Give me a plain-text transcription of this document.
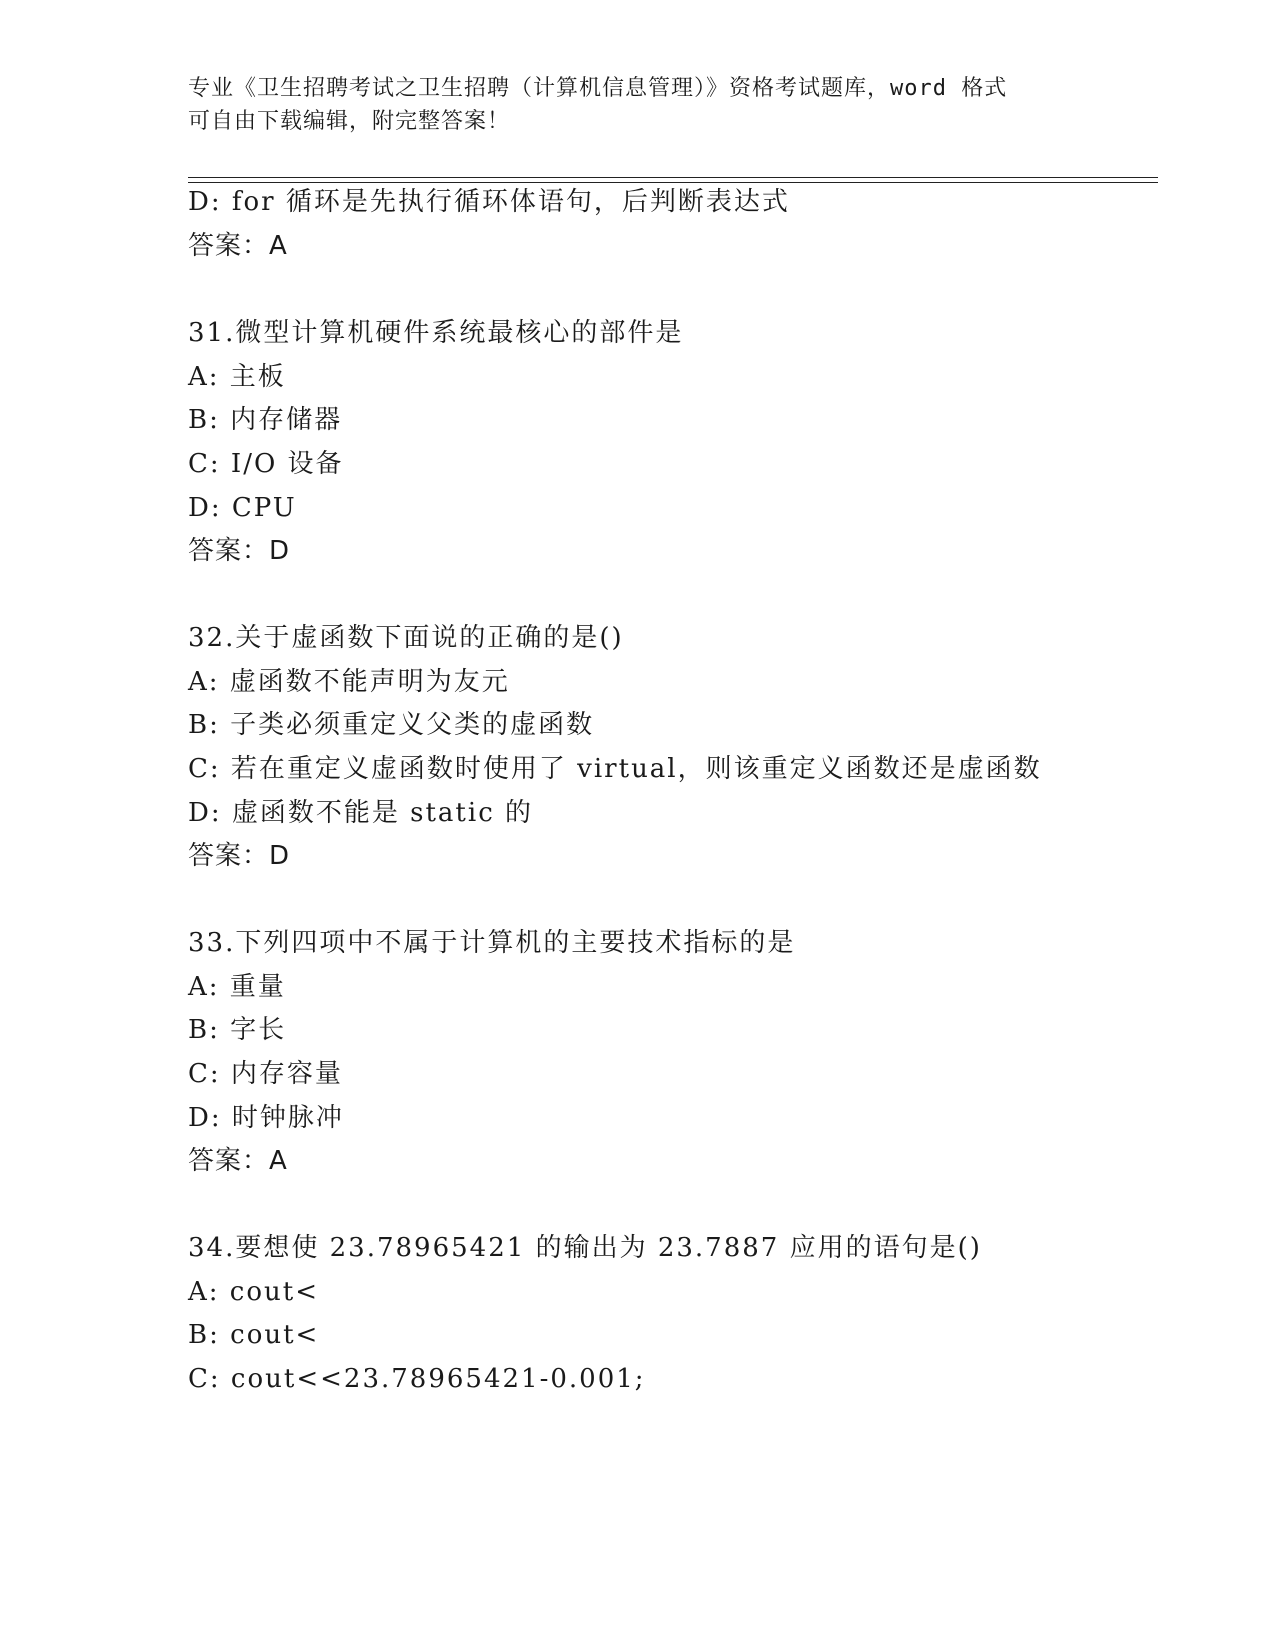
专业《卫生招聘考试之卫生招聘（计算机信息管理）》资格考试题库，word 格式
可自由下载编辑，附完整答案！
D: for 循环是先执行循环体语句，后判断表达式
答案：A
31.微型计算机硬件系统最核心的部件是
A: 主板
B: 内存储器
C: I/O 设备
D: CPU
答案：D
32.关于虚函数下面说的正确的是()
A: 虚函数不能声明为友元
B: 子类必须重定义父类的虚函数
C: 若在重定义虚函数时使用了 virtual，则该重定义函数还是虚函数
D: 虚函数不能是 static 的
答案：D
33.下列四项中不属于计算机的主要技术指标的是
A: 重量
B: 字长
C: 内存容量
D: 时钟脉冲
答案：A
34.要想使 23.78965421 的输出为 23.7887 应用的语句是()
A: cout<
B: cout<
C: cout<<23.78965421-0.001;
